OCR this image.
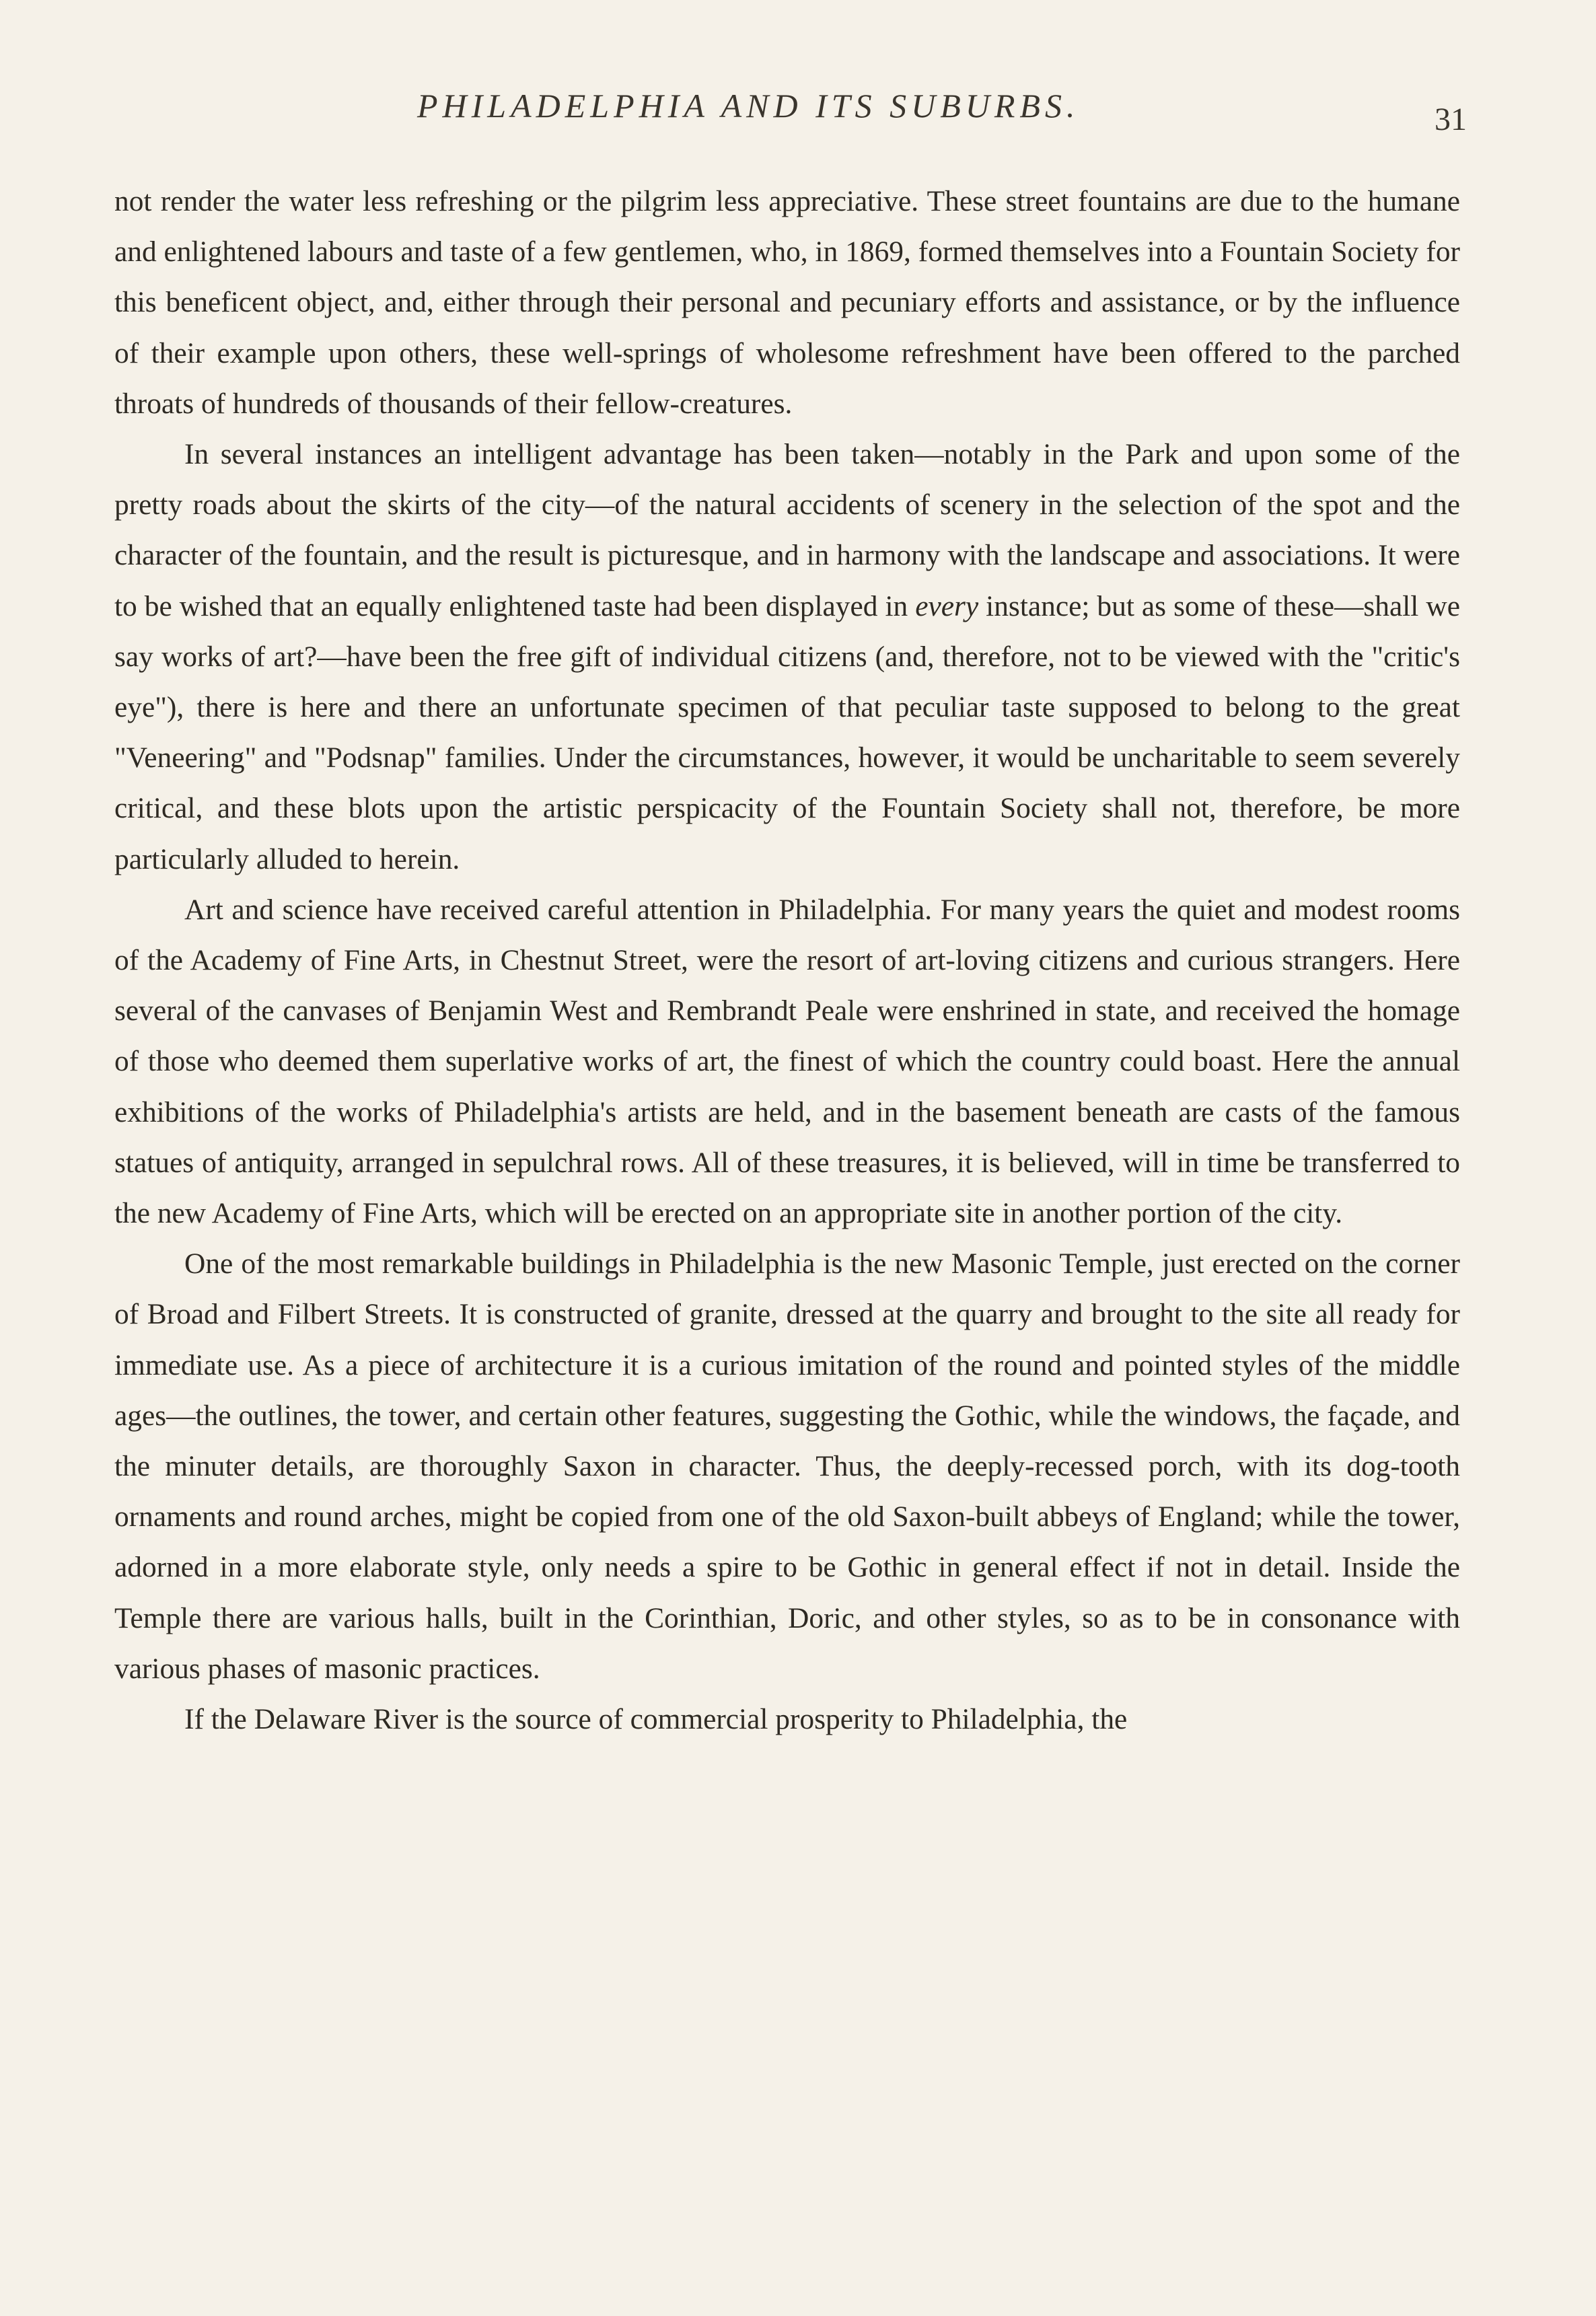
PHILADELPHIA AND ITS SUBURBS.	31

not render the water less refreshing or the pilgrim less appreciative. These street fountains are due to the humane and enlightened labours and taste of a few gentlemen, who, in 1869, formed themselves into a Fountain Society for this beneficent object, and, either through their personal and pecuniary efforts and assistance, or by the influence of their example upon others, these well-springs of wholesome refreshment have been offered to the parched throats of hundreds of thousands of their fellow-creatures.

In several instances an intelligent advantage has been taken—notably in the Park and upon some of the pretty roads about the skirts of the city—of the natural accidents of scenery in the selection of the spot and the character of the fountain, and the result is picturesque, and in harmony with the landscape and associations. It were to be wished that an equally enlightened taste had been displayed in every instance; but as some of these—shall we say works of art?—have been the free gift of individual citizens (and, therefore, not to be viewed with the "critic's eye"), there is here and there an unfortunate specimen of that peculiar taste supposed to belong to the great "Veneering" and "Podsnap" families. Under the circumstances, however, it would be uncharitable to seem severely critical, and these blots upon the artistic perspicacity of the Fountain Society shall not, therefore, be more particularly alluded to herein.

Art and science have received careful attention in Philadelphia. For many years the quiet and modest rooms of the Academy of Fine Arts, in Chestnut Street, were the resort of art-loving citizens and curious strangers. Here several of the canvases of Benjamin West and Rembrandt Peale were enshrined in state, and received the homage of those who deemed them superlative works of art, the finest of which the country could boast. Here the annual exhibitions of the works of Philadelphia's artists are held, and in the basement beneath are casts of the famous statues of antiquity, arranged in sepulchral rows. All of these treasures, it is believed, will in time be transferred to the new Academy of Fine Arts, which will be erected on an appropriate site in another portion of the city.

One of the most remarkable buildings in Philadelphia is the new Masonic Temple, just erected on the corner of Broad and Filbert Streets. It is constructed of granite, dressed at the quarry and brought to the site all ready for immediate use. As a piece of architecture it is a curious imitation of the round and pointed styles of the middle ages—the outlines, the tower, and certain other features, suggesting the Gothic, while the windows, the façade, and the minuter details, are thoroughly Saxon in character. Thus, the deeply-recessed porch, with its dog-tooth ornaments and round arches, might be copied from one of the old Saxon-built abbeys of England; while the tower, adorned in a more elaborate style, only needs a spire to be Gothic in general effect if not in detail. Inside the Temple there are various halls, built in the Corinthian, Doric, and other styles, so as to be in consonance with various phases of masonic practices.

If the Delaware River is the source of commercial prosperity to Philadelphia, the
